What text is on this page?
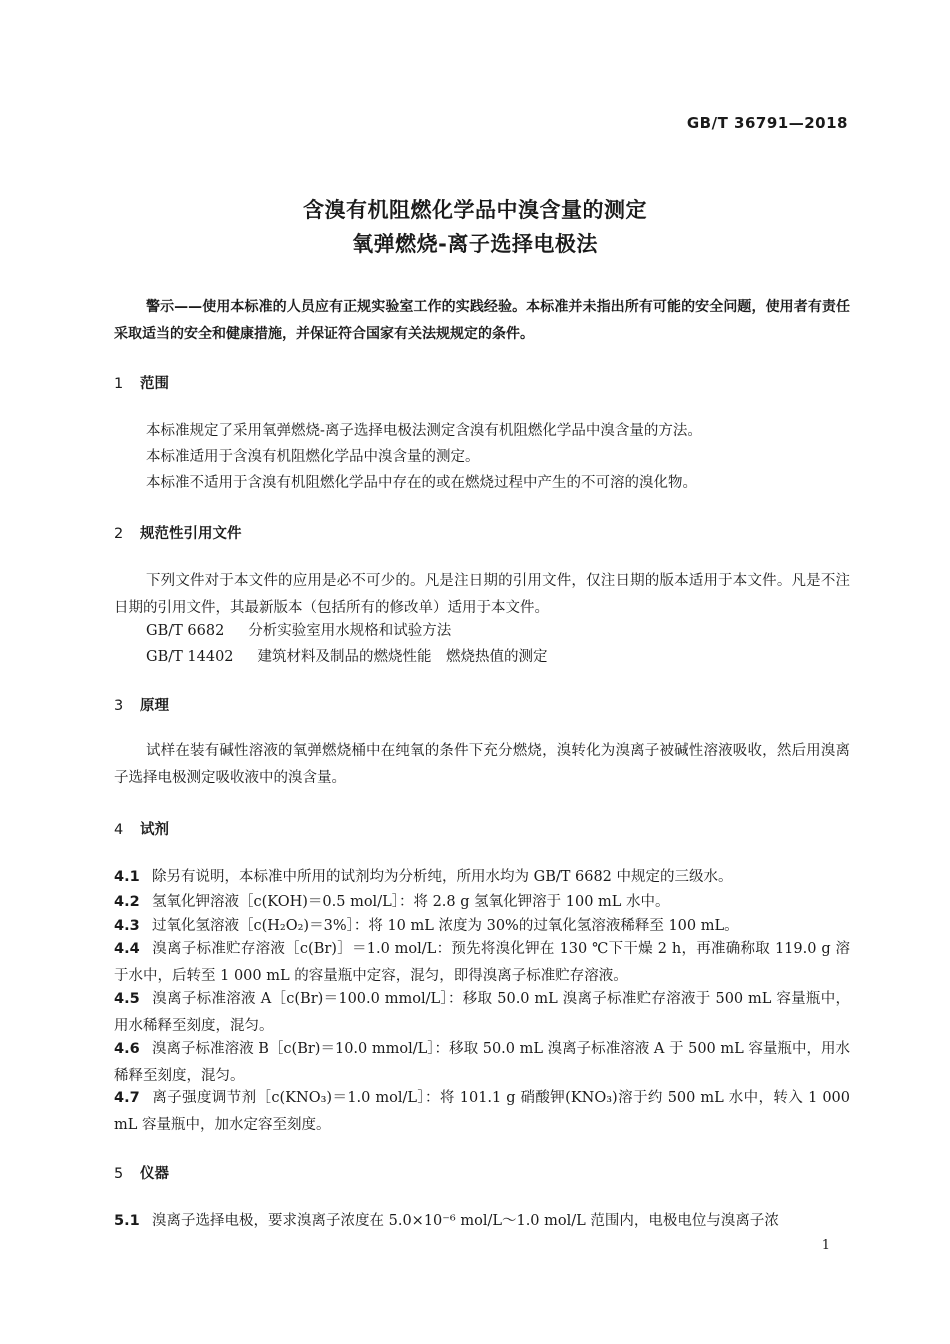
GB/T 36791—2018
含溴有机阻燃化学品中溴含量的测定
氧弹燃烧-离子选择电极法
警示——使用本标准的人员应有正规实验室工作的实践经验。本标准并未指出所有可能的安全问题，使用者有责任采取适当的安全和健康措施，并保证符合国家有关法规规定的条件。
1 范围
本标准规定了采用氧弹燃烧-离子选择电极法测定含溴有机阻燃化学品中溴含量的方法。
本标准适用于含溴有机阻燃化学品中溴含量的测定。
本标准不适用于含溴有机阻燃化学品中存在的或在燃烧过程中产生的不可溶的溴化物。
2 规范性引用文件
下列文件对于本文件的应用是必不可少的。凡是注日期的引用文件，仅注日期的版本适用于本文件。凡是不注日期的引用文件，其最新版本（包括所有的修改单）适用于本文件。
GB/T 6682 分析实验室用水规格和试验方法
GB/T 14402 建筑材料及制品的燃烧性能　燃烧热值的测定
3 原理
试样在装有碱性溶液的氧弹燃烧桶中在纯氧的条件下充分燃烧，溴转化为溴离子被碱性溶液吸收，然后用溴离子选择电极测定吸收液中的溴含量。
4 试剂
4.1 除另有说明，本标准中所用的试剂均为分析纯，所用水均为 GB/T 6682 中规定的三级水。
4.2 氢氧化钾溶液［c(KOH)＝0.5 mol/L］：将 2.8 g 氢氧化钾溶于 100 mL 水中。
4.3 过氧化氢溶液［c(H₂O₂)＝3%］：将 10 mL 浓度为 30%的过氧化氢溶液稀释至 100 mL。
4.4 溴离子标准贮存溶液［c(Br)］＝1.0 mol/L：预先将溴化钾在 130 ℃下干燥 2 h，再准确称取 119.0 g 溶于水中，后转至 1 000 mL 的容量瓶中定容，混匀，即得溴离子标准贮存溶液。
4.5 溴离子标准溶液 A［c(Br)＝100.0 mmol/L］：移取 50.0 mL 溴离子标准贮存溶液于 500 mL 容量瓶中，用水稀释至刻度，混匀。
4.6 溴离子标准溶液 B［c(Br)＝10.0 mmol/L］：移取 50.0 mL 溴离子标准溶液 A 于 500 mL 容量瓶中，用水稀释至刻度，混匀。
4.7 离子强度调节剂［c(KNO₃)＝1.0 mol/L］：将 101.1 g 硝酸钾(KNO₃)溶于约 500 mL 水中，转入 1 000 mL 容量瓶中，加水定容至刻度。
5 仪器
5.1 溴离子选择电极，要求溴离子浓度在 5.0×10⁻⁶ mol/L～1.0 mol/L 范围内，电极电位与溴离子浓
1
